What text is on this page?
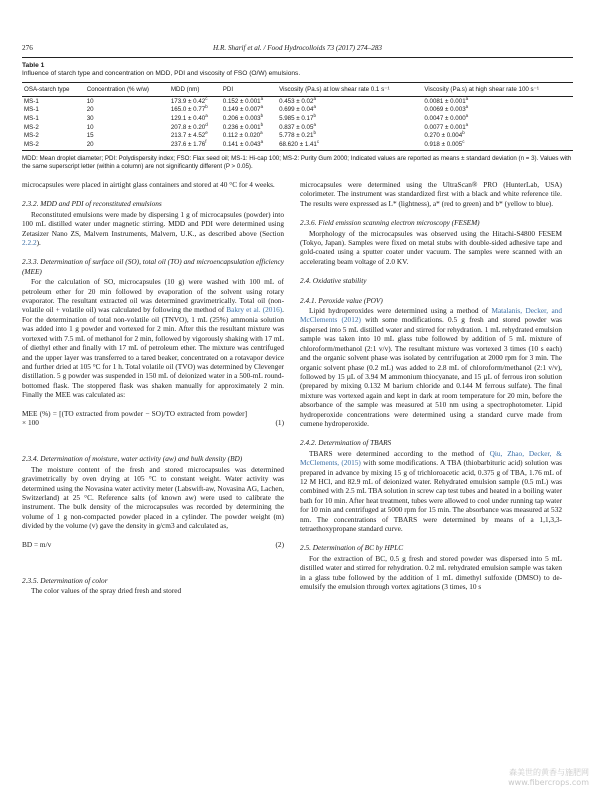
276	H.R. Sharif et al. / Food Hydrocolloids 73 (2017) 274–283
Table 1
Influence of starch type and concentration on MDD, PDI and viscosity of FSO (O/W) emulsions.
OSA-starch type	Concentration (% w/w)	MDD (nm)	PDI	Viscosity (Pa.s) at low shear rate 0.1 s⁻¹	Viscosity (Pa.s) at high shear rate 100 s⁻¹
MS-1	10	173.9 ± 0.42$^c$	0.152 ± 0.001$^a$	0.453 ± 0.02$^a$	0.0081 ± 0.001$^a$
MS-1	20	165.0 ± 0.77$^b$	0.149 ± 0.007$^a$	0.699 ± 0.04$^a$	0.0069 ± 0.003$^a$
MS-1	30	129.1 ± 0.40$^a$	0.206 ± 0.003$^b$	5.985 ± 0.17$^b$	0.0047 ± 0.000$^a$
MS-2	10	207.8 ± 0.20$^d$	0.236 ± 0.001$^b$	0.837 ± 0.05$^a$	0.0077 ± 0.001$^a$
MS-2	15	213.7 ± 4.52$^e$	0.112 ± 0.020$^a$	5.778 ± 0.21$^b$	0.270 ± 0.004$^b$
MS-2	20	237.6 ± 1.76$^f$	0.141 ± 0.043$^a$	68.620 ± 1.41$^c$	0.918 ± 0.005$^c$
MDD: Mean droplet diameter; PDI: Polydispersity index; FSO: Flax seed oil; MS-1: Hi-cap 100; MS-2: Purity Gum 2000; Indicated values are reported as means ± standard deviation (n = 3). Values with the same superscript letter (within a column) are not significantly different (P > 0.05).

microcapsules were placed in airtight glass containers and stored at 40 °C for 4 weeks.

2.3.2. MDD and PDI of reconstituted emulsions

Reconstituted emulsions were made by dispersing 1 g of microcapsules (powder) into 100 mL distilled water under magnetic stirring. MDD and PDI were determined using Zetasizer Nano ZS, Malvern Instruments, Malvern, U.K., as described above (Section 2.2.2).

2.3.3. Determination of surface oil (SO), total oil (TO) and microencapsulation efficiency (MEE)

For the calculation of SO, microcapsules (10 g) were washed with 100 mL of petroleum ether for 20 min followed by evaporation of the solvent using rotary evaporator. The resultant extracted oil was determined gravimetrically. Total oil (non-volatile oil + volatile oil) was calculated by following the method of Bakry et al. (2016). For the determination of total non-volatile oil (TNVO), 1 mL (25%) ammonia solution was added into 1 g powder and vortexed for 2 min. After this the resultant mixture was vortexed with 7.5 mL of methanol for 2 min, followed by vigorously shaking with 17 mL of diethyl ether and finally with 17 mL of petroleum ether. The mixture was centrifuged and the upper layer was transferred to a tared beaker, concentrated on a rotavapor device and further dried at 105 °C for 1 h. Total volatile oil (TVO) was determined by Clevenger distillation. 5 g powder was suspended in 150 mL of deionized water in a 500-mL round-bottomed flask. The stoppered flask was shaken manually for approximately 2 min. Finally the MEE was calculated as:

MEE (%) = [(TO extracted from powder − SO)/TO extracted from powder] × 100	(1)

2.3.4. Determination of moisture, water activity (aw) and bulk density (BD)

The moisture content of the fresh and stored microcapsules was determined gravimetrically by oven drying at 105 °C to constant weight. Water activity was determined using the Novasina water activity meter (Labswift-aw, Novasina AG, Lachen, Switzerland) at 25 °C. Reference salts (of known aw) were used to calibrate the instrument. The bulk density of the microcapsules was recorded by determining the volume of 1 g non-compacted powder placed in a cylinder. The powder weight (m) divided by the volume (v) gave the density in g/cm3 and calculated as,

BD = m/v	(2)

2.3.5. Determination of color

The color values of the spray dried fresh and stored

microcapsules were determined using the UltraScan® PRO (HunterLab, USA) colorimeter. The instrument was standardized first with a black and white reference tile. The results were expressed as L* (lightness), a* (red to green) and b* (yellow to blue).

2.3.6. Field emission scanning electron microscopy (FESEM)

Morphology of the microcapsules was observed using the Hitachi-S4800 FESEM (Tokyo, Japan). Samples were fixed on metal stubs with double-sided adhesive tape and gold-coated using a sputter coater under vacuum. The samples were scanned with an accelerating beam voltage of 2.0 KV.

2.4. Oxidative stability

2.4.1. Peroxide value (POV)

Lipid hydroperoxides were determined using a method of Matalanis, Decker, and McClements (2012) with some modifications. 0.5 g fresh and stored powder was dispersed into 5 mL distilled water and stirred for rehydration. 1 mL rehydrated emulsion sample was taken into 10 mL glass tube followed by addition of 5 mL mixture of chloroform/methanol (2:1 v/v). The resultant mixture was vortexed 3 times (10 s each) and the organic solvent phase was isolated by centrifugation at 2000 rpm for 3 min. The organic solvent phase (0.2 mL) was added to 2.8 mL of chloroform/methanol (2:1 v/v), followed by 15 µL of 3.94 M ammonium thiocyanate, and 15 µL of ferrous iron solution (prepared by mixing 0.132 M barium chloride and 0.144 M ferrous sulfate). The final mixture was vortexed again and kept in dark at room temperature for 20 min, before the absorbance of the sample was measured at 510 nm using a spectrophotometer. Lipid hydroperoxide concentrations were determined using a standard curve made from cumene hydroperoxide.

2.4.2. Determination of TBARS

TBARS were determined according to the method of Qiu, Zhao, Decker, & McClements, (2015) with some modifications. A TBA (thiobarbituric acid) solution was prepared in advance by mixing 15 g of trichloroacetic acid, 0.375 g of TBA, 1.76 mL of 12 M HCl, and 82.9 mL of deionized water. Rehydrated emulsion sample (0.5 mL) was combined with 2.5 mL TBA solution in screw cap test tubes and heated in a boiling water bath for 10 min. After heat treatment, tubes were allowed to cool under running tap water for 10 min and centrifuged at 5000 rpm for 15 min. The absorbance was measured at 532 nm. The concentrations of TBARS were determined by means of a 1,1,3,3-tetraethoxypropane standard curve.

2.5. Determination of BC by HPLC

For the extraction of BC, 0.5 g fresh and stored powder was dispersed into 5 mL distilled water and stirred for rehydration. 0.2 mL rehydrated emulsion sample was taken in a glass tube followed by the addition of 1 mL dimethyl sulfoxide (DMSO) to de-emulsify the emulsion through vortex agitations (3 times, 10 s

森美世的黄香与施肥网
www.fibercrops.com
